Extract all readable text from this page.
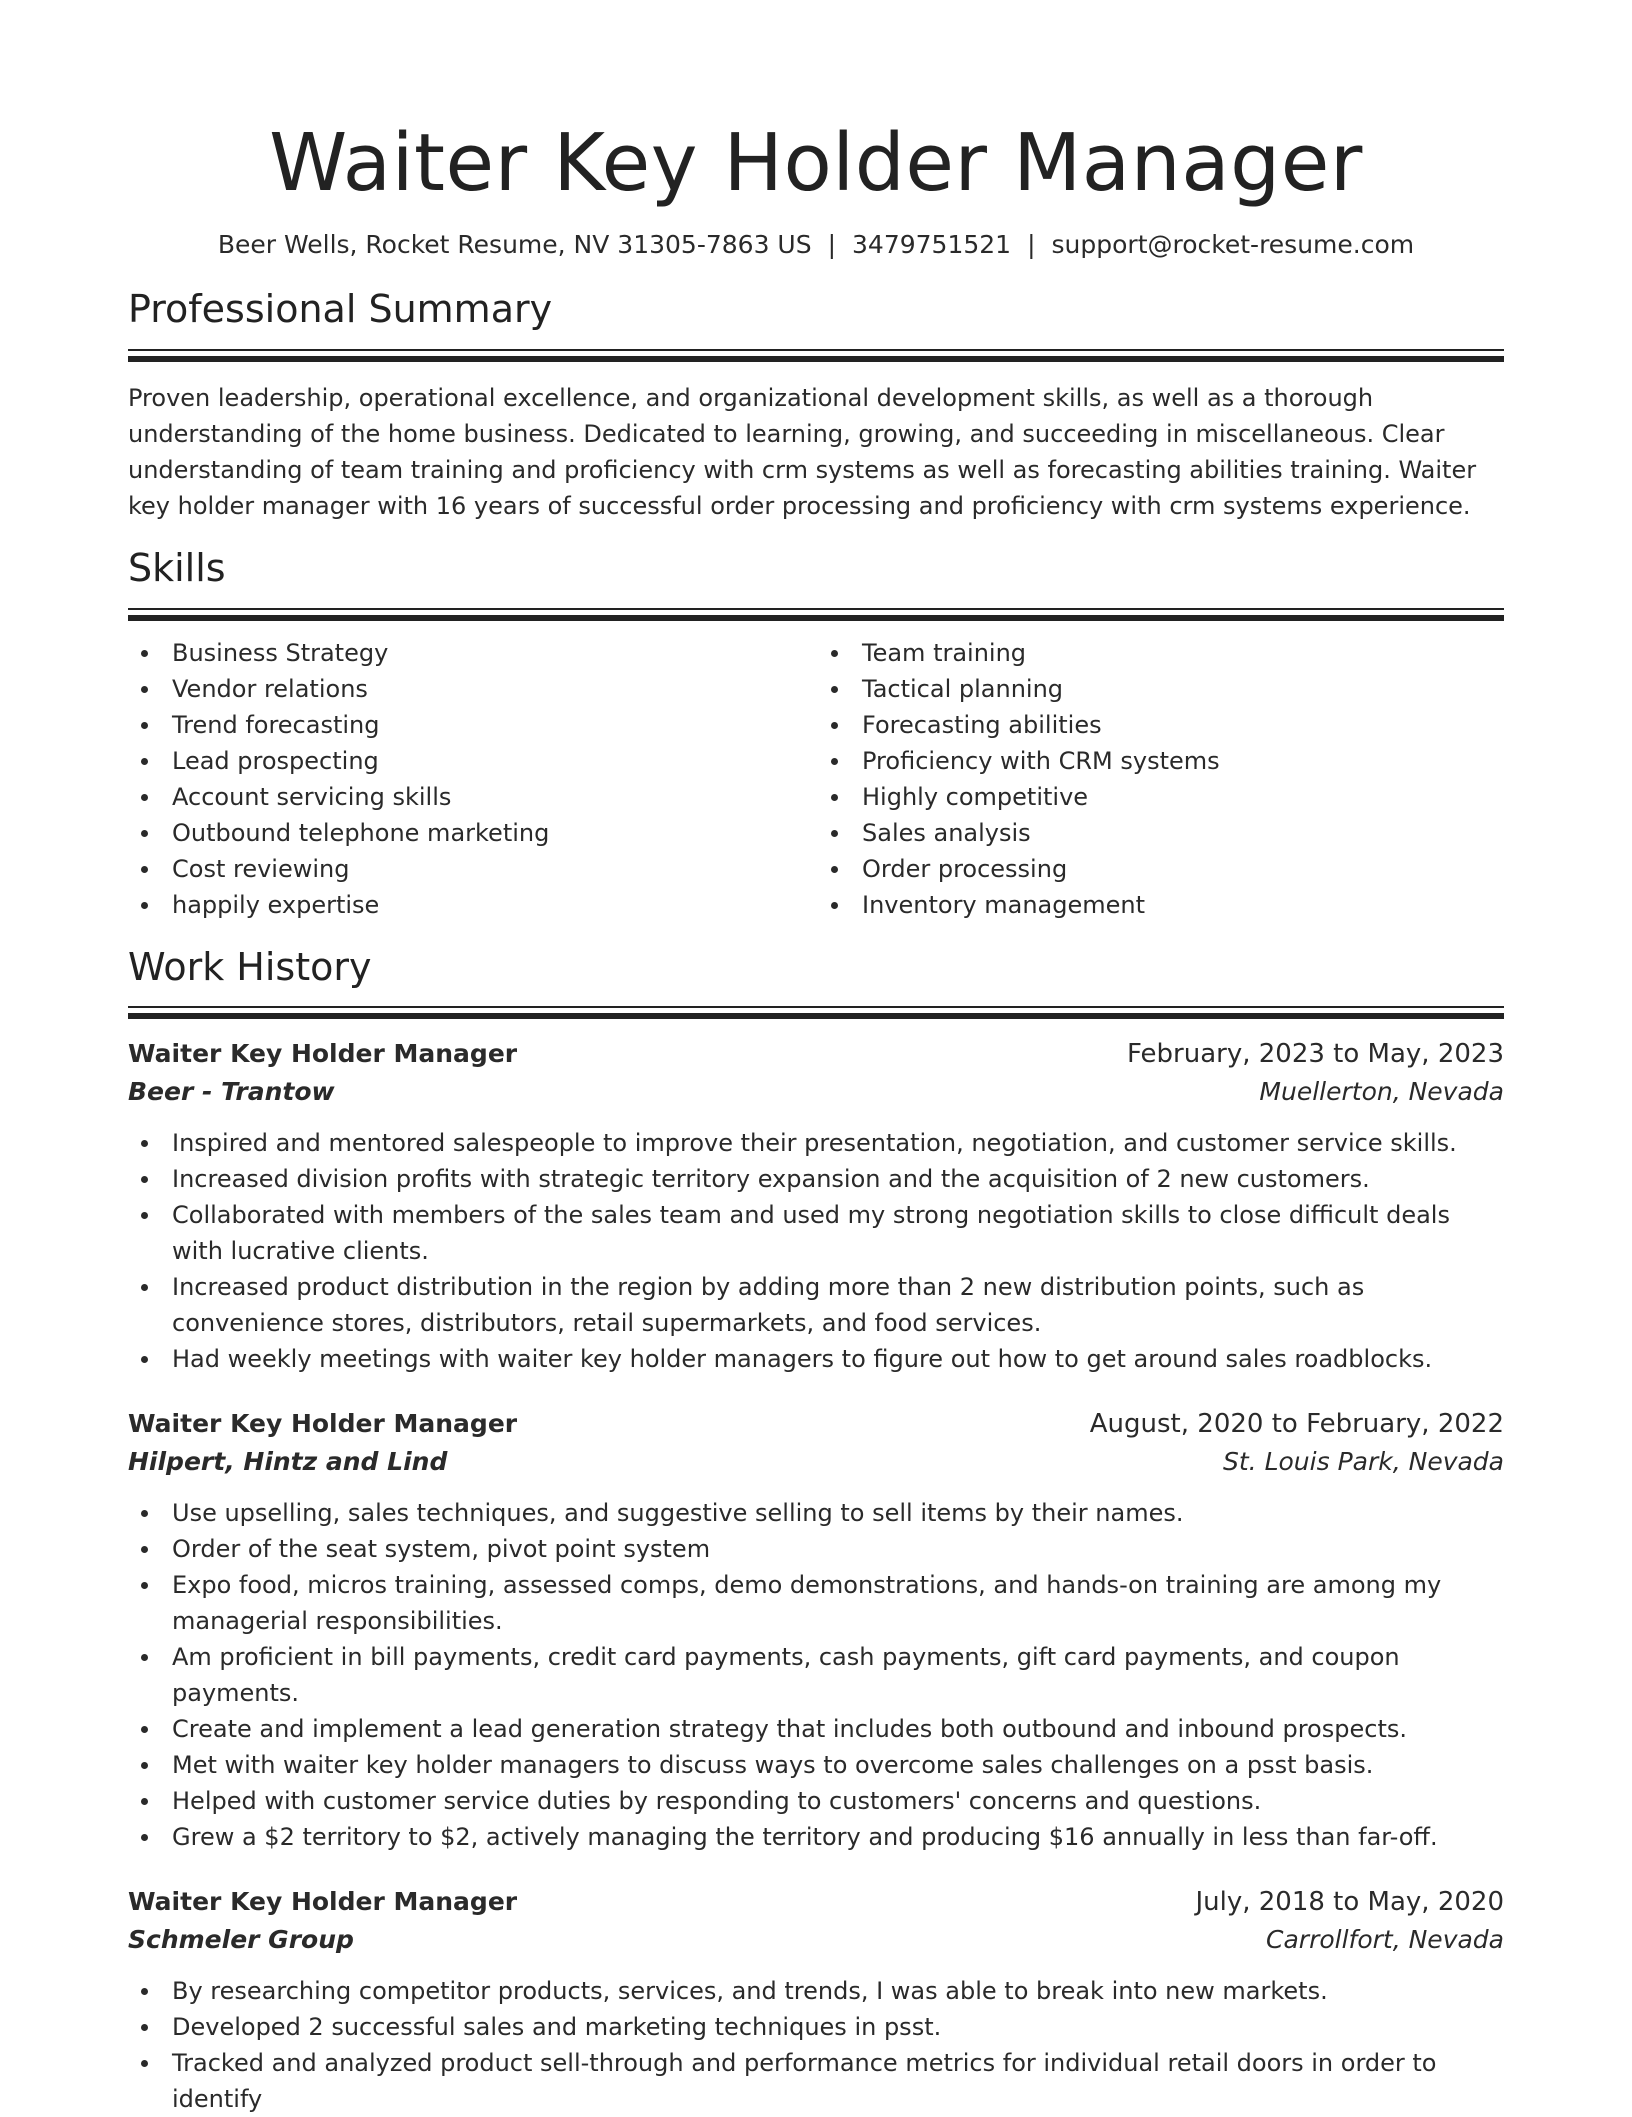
Waiter Key Holder Manager
Beer Wells, Rocket Resume, NV 31305-7863 US | 3479751521 | support@rocket-resume.com
Professional Summary

Proven leadership, operational excellence, and organizational development skills, as well as a thorough understanding of the home business. Dedicated to learning, growing, and succeeding in miscellaneous. Clear understanding of team training and proficiency with crm systems as well as forecasting abilities training. Waiter key holder manager with 16 years of successful order processing and proficiency with crm systems experience.

Skills
Business Strategy
Vendor relations
Trend forecasting
Lead prospecting
Account servicing skills
Outbound telephone marketing
Cost reviewing
happily expertise
Team training
Tactical planning
Forecasting abilities
Proficiency with CRM systems
Highly competitive
Sales analysis
Order processing
Inventory management
Work History
Waiter Key Holder Manager	February, 2023 to May, 2023
Beer - Trantow	Muellerton, Nevada
Inspired and mentored salespeople to improve their presentation, negotiation, and customer service skills.
Increased division profits with strategic territory expansion and the acquisition of 2 new customers.
Collaborated with members of the sales team and used my strong negotiation skills to close difficult deals with lucrative clients.
Increased product distribution in the region by adding more than 2 new distribution points, such as convenience stores, distributors, retail supermarkets, and food services.
Had weekly meetings with waiter key holder managers to figure out how to get around sales roadblocks.
Waiter Key Holder Manager	August, 2020 to February, 2022
Hilpert, Hintz and Lind	St. Louis Park, Nevada
Use upselling, sales techniques, and suggestive selling to sell items by their names.
Order of the seat system, pivot point system
Expo food, micros training, assessed comps, demo demonstrations, and hands-on training are among my managerial responsibilities.
Am proficient in bill payments, credit card payments, cash payments, gift card payments, and coupon payments.
Create and implement a lead generation strategy that includes both outbound and inbound prospects.
Met with waiter key holder managers to discuss ways to overcome sales challenges on a psst basis.
Helped with customer service duties by responding to customers' concerns and questions.
Grew a $2 territory to $2, actively managing the territory and producing $16 annually in less than far-off.
Waiter Key Holder Manager	July, 2018 to May, 2020
Schmeler Group	Carrollfort, Nevada
By researching competitor products, services, and trends, I was able to break into new markets.
Developed 2 successful sales and marketing techniques in psst.
Tracked and analyzed product sell-through and performance metrics for individual retail doors in order to identify
